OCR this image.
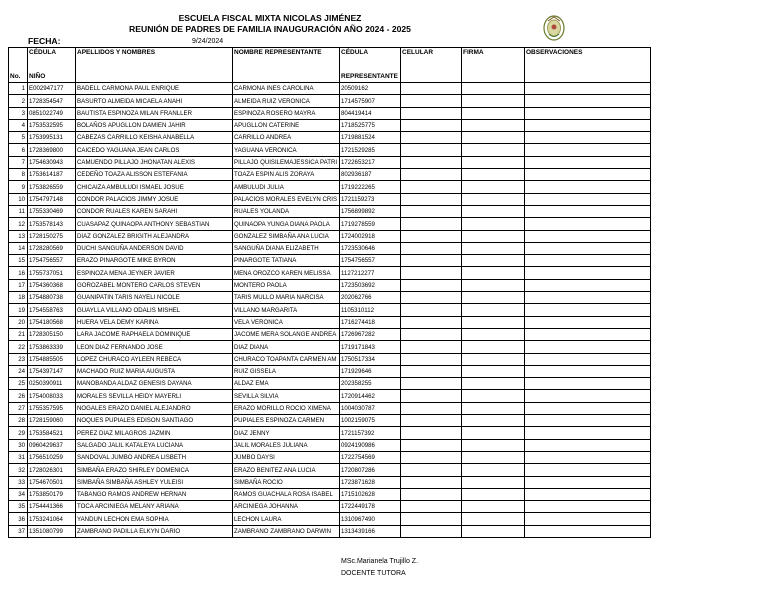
ESCUELA FISCAL MIXTA NICOLAS JIMÉNEZ
REUNIÓN DE PADRES DE FAMILIA INAUGURACIÓN AÑO 2024 - 2025
FECHA:	9/24/2024
	CÉDULA	APELLIDOS Y NOMBRES	NOMBRE REPRESENTANTE	CÉDULA	CELULAR	FIRMA	OBSERVACIONES
No.	NIÑO			REPRESENTANTE			
1	E002947177	BADELL CARMONA PAUL ENRIQUE	CARMONA INES CAROLINA	20509162			
2	1728354547	BASURTO ALMEIDA MICAELA ANAHI	ALMEIDA RUIZ VERONICA	1714575907			
3	0851022749	BAUTISTA ESPINOZA MILAN FRANLLER	ESPINOZA ROSERO MAYRA	804419414			
4	1753532595	BOLAÑOS APUGLLON DAMIEN JAHIR	APUGLLON CATERINE	1718525775			
5	1753995131	CABEZAS CARRILLO KEISHA ANABELLA	CARRILLO ANDREA	1719881524			
6	1728369800	CAICEDO YAGUANA JEAN CARLOS	YAGUANA VERONICA	1721529285			
7	1754630943	CAMUENDO PILLAJO JHONATAN ALEXIS	PILLAJO QUISILEMAJESSICA PATRI	1722653217			
8	1753614187	CEDEÑO TOAZA ALISSON ESTEFANIA	TOAZA ESPIN ALIS ZORAYA	802936187			
9	1753826559	CHICAIZA AMBULUDI ISMAEL JOSUE	AMBULUDI JULIA	1719222265			
10	1754797148	CONDOR PALACIOS JIMMY JOSUE	PALACIOS MORALES EVELYN CRIS	1721159273			
11	1755330469	CONDOR RUALES KAREN SARAHI	RUALES YOLANDA	1756899892			
12	1753578143	CUASAPAZ QUINAOPA ANTHONY SEBASTIAN	QUINAOPA YUNGA DIANA PAOLA	1719278559			
13	1728150275	DIAZ GONZALEZ BRIGITH ALEJANDRA	GONZALEZ SIMBAÑA ANA LUCIA	1724002918			
14	1728280569	DUCHI SANGUÑA ANDERSON DAVID	SANGUÑA DIANA ELIZABETH	1723530646			
15	1754756557	ERAZO PINARGOTE MIKE BYRON	PINARGOTE TATIANA	1754756557			
16	1755737051	ESPINOZA MENA JEYNER JAVIER	MENA OROZCO KAREN MELISSA	1127212277			
17	1754360368	GOROZABEL MONTERO CARLOS STEVEN	MONTERO PAOLA	1723503692			
18	1754880738	GUANIPATIN TARIS NAYELI NICOLE	TARIS MULLO MARIA NARCISA	202062766			
19	1754558763	GUAYLLA VILLANO ODALIS MISHEL	VILLANO MARGARITA	1105310112			
20	1754180568	HUERA VELA DEMY KARINA	VELA VERONICA	1716274418			
21	1728305150	LARA JACOME RAPHAELA DOMINIQUE	JACOME MERA SOLANGE ANDREA	1726967282			
22	1753863339	LEON DIAZ FERNANDO JOSE	DIAZ DIANA	1719171843			
23	1754885505	LOPEZ CHURACO AYLEEN REBECA	CHURACO TOAPANTA CARMEN AM	1750517334			
24	1754397147	MACHADO RUIZ MARIA AUGUSTA	RUIZ GISSELA	171929646			
25	0250390911	MANOBANDA ALDAZ GENESIS DAYANA	ALDAZ EMA	202358255			
26	1754008033	MORALES SEVILLA HEIDY MAYERLI	SEVILLA SILVIA	1720914462			
27	1755357595	NOGALES ERAZO DANIEL ALEJANDRO	ERAZO MORILLO ROCIO XIMENA	1004030787			
28	1728159060	NOQUES PUPIALES EDISON SANTIAGO	PUPIALES ESPINOZA CARMEN	1002159075			
29	1753584521	PEREZ DIAZ MILAGROS JAZMIN	DIAZ JENNY	1721157392			
30	0960429637	SALGADO JALIL KATALEYA LUCIANA	JALIL MORALES JULIANA	0924190986			
31	1756510259	SANDOVAL JUMBO ANDREA LISBETH	JUMBO DAYSI	1722754569			
32	1728026301	SIMBAÑA ERAZO SHIRLEY DOMENICA	ERAZO BENITEZ ANA LUCIA	1720807286			
33	1754670501	SIMBAÑA SIMBAÑA ASHLEY YULEISI	SIMBAÑA ROCIO	1723871628			
34	1753850179	TABANGO RAMOS ANDREW HERNAN	RAMOS GUACHALA ROSA ISABEL	1715102628			
35	1754441366	TOCA ARCINIEGA MELANY ARIANA	ARCINIEGA JOHANNA	1722449178			
36	1753241064	YANDUN LECHON EMA SOPHIA	LECHON LAURA	1310967490			
37	1351080799	ZAMBRANO PADILLA ELKYN DARIO	ZAMBRANO ZAMBRANO DARWIN	1313439166			
MSc.Marianela Trujillo Z.
DOCENTE TUTORA
